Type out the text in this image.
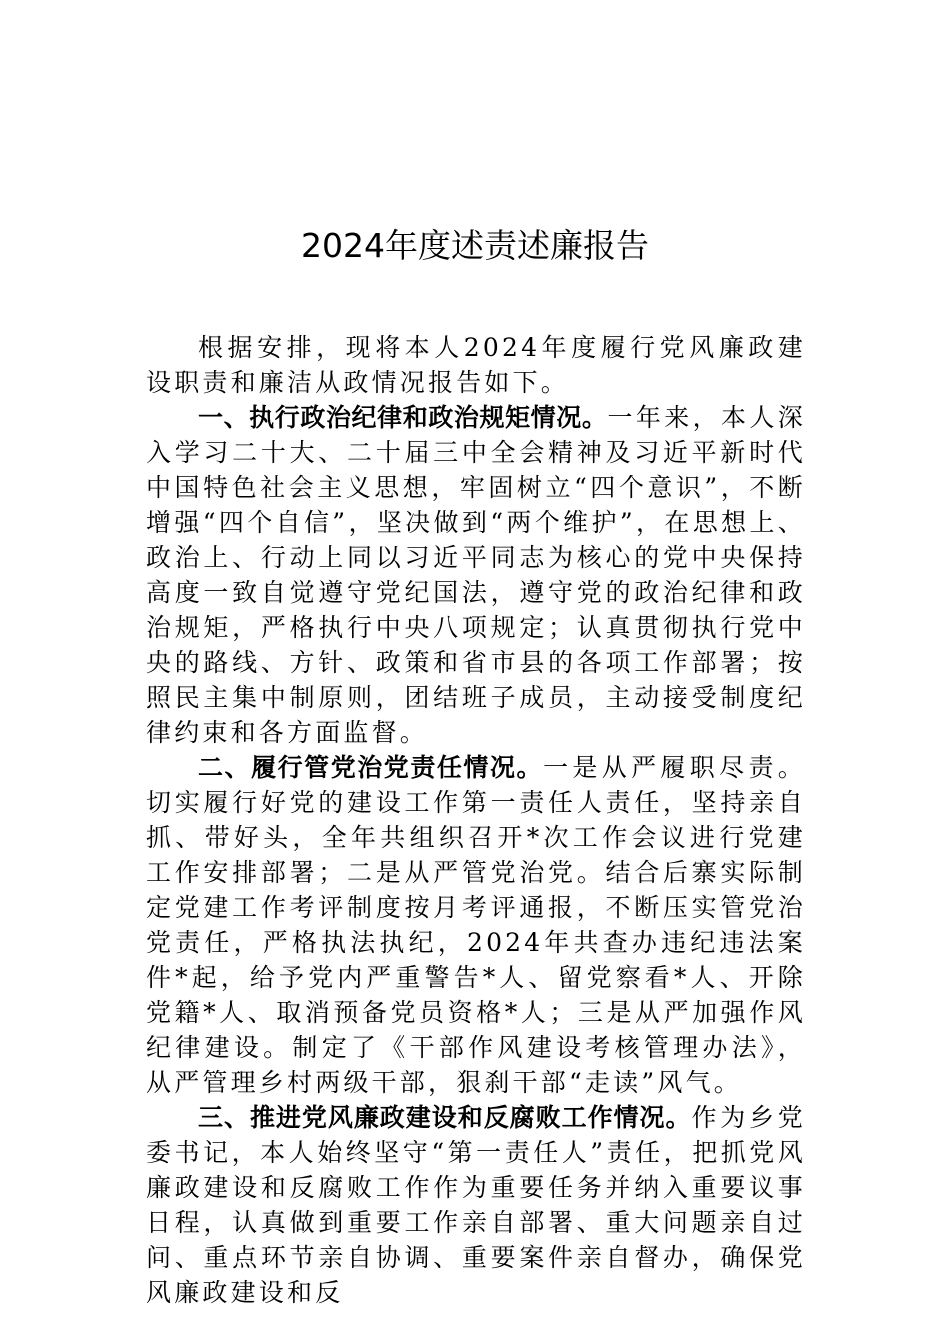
2024年度述责述廉报告

根据安排，现将本人2024年度履行党风廉政建设职责和廉洁从政情况报告如下。

一、执行政治纪律和政治规矩情况。一年来，本人深入学习二十大、二十届三中全会精神及习近平新时代中国特色社会主义思想，牢固树立“四个意识”，不断增强“四个自信”，坚决做到“两个维护”，在思想上、政治上、行动上同以习近平同志为核心的党中央保持高度一致自觉遵守党纪国法，遵守党的政治纪律和政治规矩，严格执行中央八项规定；认真贯彻执行党中央的路线、方针、政策和省市县的各项工作部署；按照民主集中制原则，团结班子成员，主动接受制度纪律约束和各方面监督。

二、履行管党治党责任情况。一是从严履职尽责。切实履行好党的建设工作第一责任人责任，坚持亲自抓、带好头，全年共组织召开*次工作会议进行党建工作安排部署；二是从严管党治党。结合后寨实际制定党建工作考评制度按月考评通报，不断压实管党治党责任，严格执法执纪，2024年共查办违纪违法案件*起，给予党内严重警告*人、留党察看*人、开除党籍*人、取消预备党员资格*人；三是从严加强作风纪律建设。制定了《干部作风建设考核管理办法》，从严管理乡村两级干部，狠刹干部“走读”风气。

三、推进党风廉政建设和反腐败工作情况。作为乡党委书记，本人始终坚守“第一责任人”责任，把抓党风廉政建设和反腐败工作作为重要任务并纳入重要议事日程，认真做到重要工作亲自部署、重大问题亲自过问、重点环节亲自协调、重要案件亲自督办，确保党风廉政建设和反
